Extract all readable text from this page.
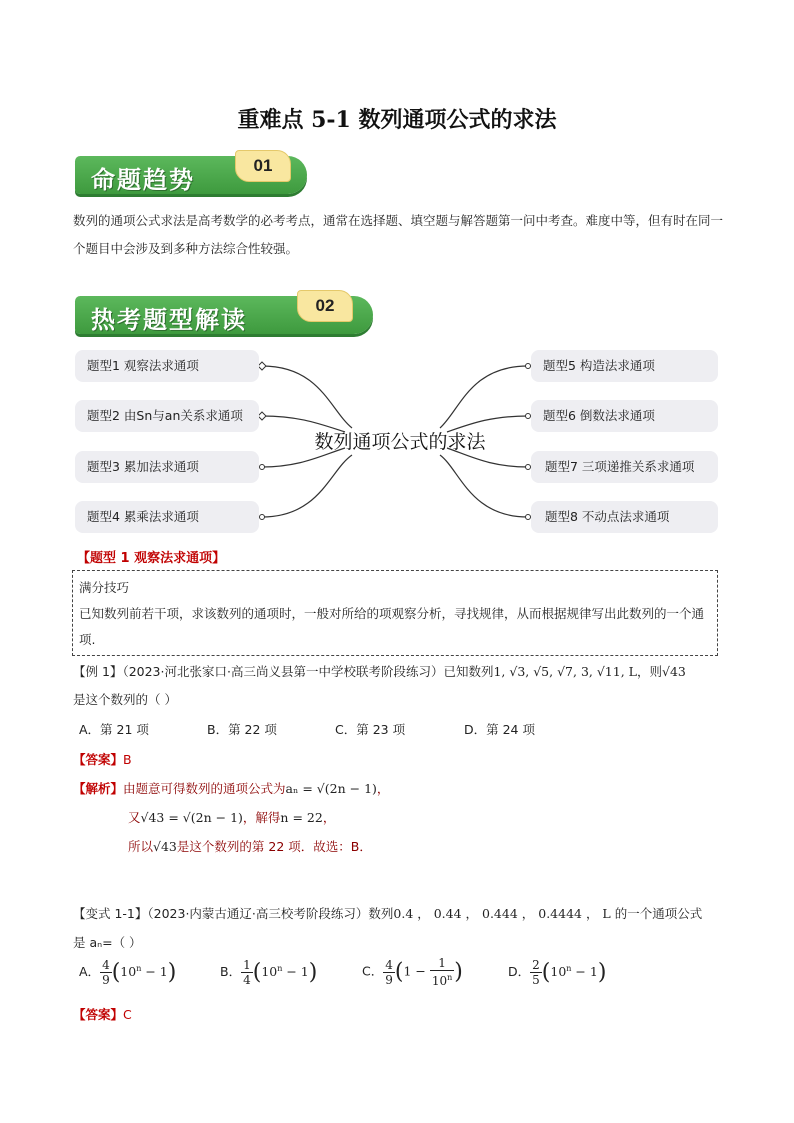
重难点 5-1 数列通项公式的求法
命题趋势	01
数列的通项公式求法是高考数学的必考考点，通常在选择题、填空题与解答题第一问中考查。难度中等，但有时在同一个题目中会涉及到多种方法综合性较强。
热考题型解读	02
题型1 观察法求通项
题型2 由Sn与an关系求通项
题型3 累加法求通项
题型4 累乘法求通项
题型5 构造法求通项
题型6 倒数法求通项
题型7 三项递推关系求通项
题型8 不动点法求通项
数列通项公式的求法
【题型 1 观察法求通项】
满分技巧
已知数列前若干项，求该数列的通项时，一般对所给的项观察分析，寻找规律，从而根据规律写出此数列的一个通项.
【例 1】（2023·河北张家口·高三尚义县第一中学校联考阶段练习）已知数列1, √3, √5, √7, 3, √11, L，则√43
是这个数列的（ ）
A．第 21 项	B．第 22 项	C．第 23 项	D．第 24 项
【答案】B
【解析】由题意可得数列的通项公式为aₙ = √(2n − 1)，
又√43 = √(2n − 1)，解得n = 22，
所以√43是这个数列的第 22 项．故选：B．
【变式 1-1】（2023·内蒙古通辽·高三校考阶段练习）数列0.4 ， 0.44 ， 0.444 ， 0.4444 ， L 的一个通项公式
是 aₙ=（ ）
A． $\frac{4}{9} (10^n - 1)$	B． $\frac{1}{4} (10^n - 1)$	C． $\frac{4}{9} (1 - \frac{1}{10^n}$ )	D． $\frac{2}{5} (10^n - 1)$
【答案】C
